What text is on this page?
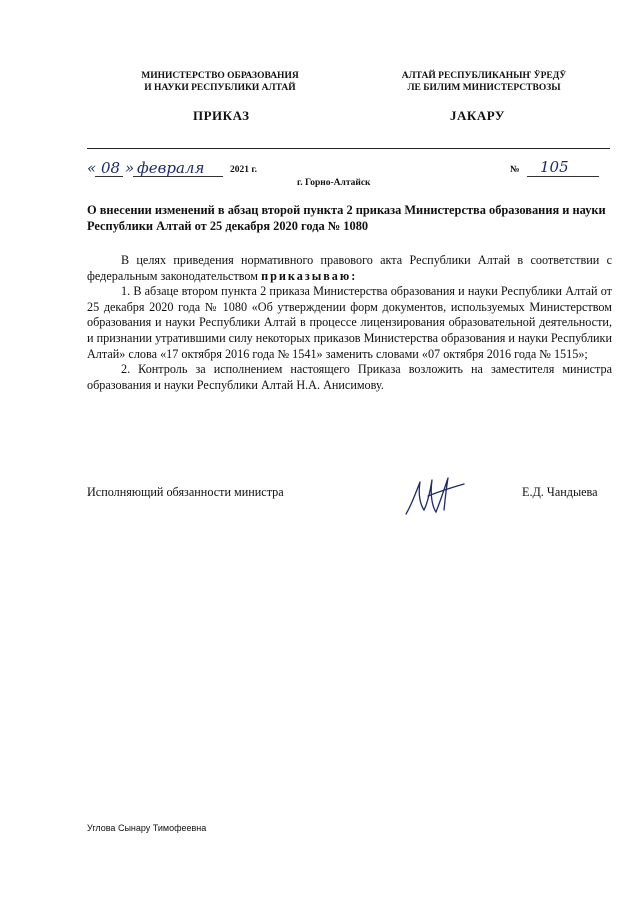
МИНИСТЕРСТВО ОБРАЗОВАНИЯ
И НАУКИ РЕСПУБЛИКИ АЛТАЙ
АЛТАЙ РЕСПУБЛИКАНЫҤ ӰРЕДӰ
ЛЕ БИЛИМ МИНИСТЕРСТВОЗЫ
ПРИКАЗ	ЈАКАРУ
« 08 » февраля	2021 г.	№ 105
г. Горно-Алтайск
О внесении изменений в абзац второй пункта 2 приказа Министерства образования и науки Республики Алтай от 25 декабря 2020 года № 1080

В целях приведения нормативного правового акта Республики Алтай в соответствии с федеральным законодательством приказываю:

1. В абзаце втором пункта 2 приказа Министерства образования и науки Республики Алтай от 25 декабря 2020 года № 1080 «Об утверждении форм документов, используемых Министерством образования и науки Республики Алтай в процессе лицензирования образовательной деятельности, и признании утратившими силу некоторых приказов Министерства образования и науки Республики Алтай» слова «17 октября 2016 года № 1541» заменить словами «07 октября 2016 года № 1515»;

2. Контроль за исполнением настоящего Приказа возложить на заместителя министра образования и науки Республики Алтай Н.А. Анисимову.

Исполняющий обязанности министра	Е.Д. Чандыева
Углова Сынару Тимофеевна
